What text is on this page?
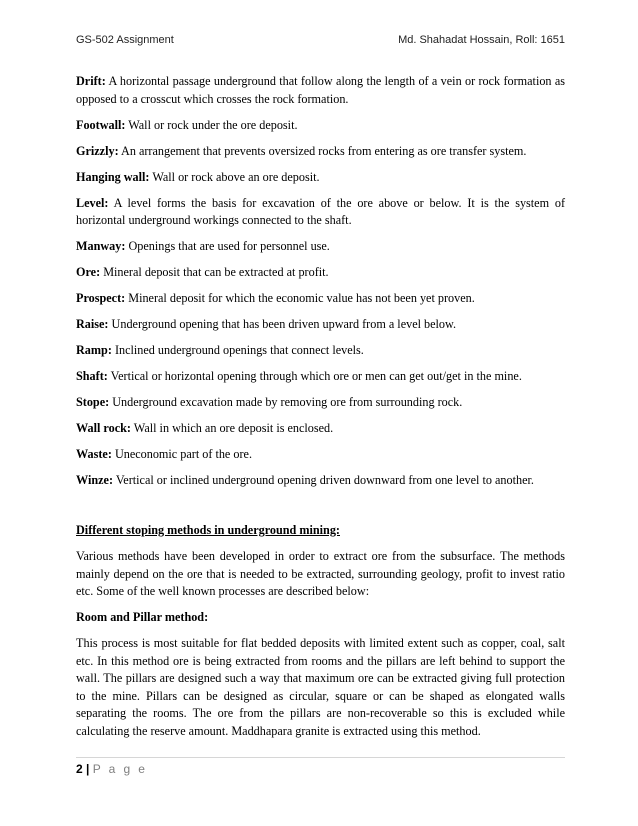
GS-502 Assignment	Md. Shahadat Hossain, Roll: 1651

Drift: A horizontal passage underground that follow along the length of a vein or rock formation as opposed to a crosscut which crosses the rock formation.

Footwall: Wall or rock under the ore deposit.

Grizzly: An arrangement that prevents oversized rocks from entering as ore transfer system.

Hanging wall: Wall or rock above an ore deposit.

Level: A level forms the basis for excavation of the ore above or below. It is the system of horizontal underground workings connected to the shaft.

Manway: Openings that are used for personnel use.

Ore: Mineral deposit that can be extracted at profit.

Prospect: Mineral deposit for which the economic value has not been yet proven.

Raise: Underground opening that has been driven upward from a level below.

Ramp: Inclined underground openings that connect levels.

Shaft: Vertical or horizontal opening through which ore or men can get out/get in the mine.

Stope: Underground excavation made by removing ore from surrounding rock.

Wall rock: Wall in which an ore deposit is enclosed.

Waste: Uneconomic part of the ore.

Winze: Vertical or inclined underground opening driven downward from one level to another.

Different stoping methods in underground mining:

Various methods have been developed in order to extract ore from the subsurface. The methods mainly depend on the ore that is needed to be extracted, surrounding geology, profit to invest ratio etc. Some of the well known processes are described below:

Room and Pillar method:

This process is most suitable for flat bedded deposits with limited extent such as copper, coal, salt etc. In this method ore is being extracted from rooms and the pillars are left behind to support the wall. The pillars are designed such a way that maximum ore can be extracted giving full protection to the mine. Pillars can be designed as circular, square or can be shaped as elongated walls separating the rooms. The ore from the pillars are non-recoverable so this is excluded while calculating the reserve amount. Maddhapara granite is extracted using this method.

2 | P a g e
